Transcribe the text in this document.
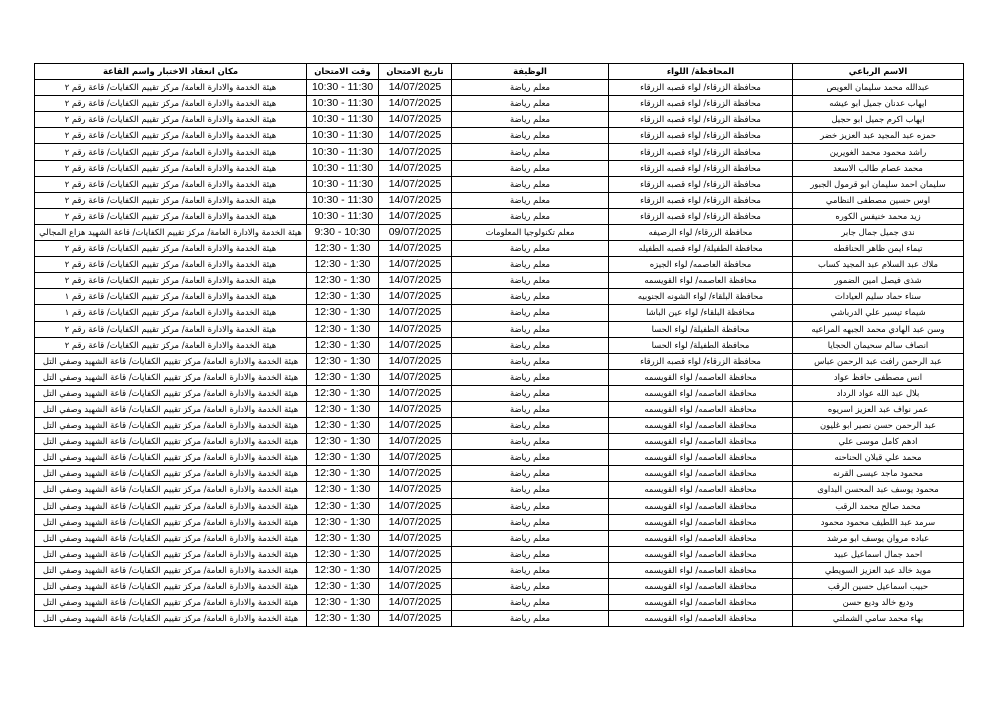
الاسم الرباعي	المحافظة/ اللواء	الوظيفة	تاريخ الامتحان	وقت الامتحان	مكان انعقاد الاختبار واسم القاعة
عبدالله محمد سليمان العويص	محافظة الزرقاء/ لواء قصبه الزرقاء	معلم رياضة	14/07/2025	10:30 - 11:30	هيئة الخدمة والادارة العامة/ مركز تقييم الكفايات/ قاعة رقم ٢
ايهاب عدنان جميل ابو عيشه	محافظة الزرقاء/ لواء قصبه الزرقاء	معلم رياضة	14/07/2025	10:30 - 11:30	هيئة الخدمة والادارة العامة/ مركز تقييم الكفايات/ قاعة رقم ٢
ايهاب اكرم جميل ابو حجيل	محافظة الزرقاء/ لواء قصبه الزرقاء	معلم رياضة	14/07/2025	10:30 - 11:30	هيئة الخدمة والادارة العامة/ مركز تقييم الكفايات/ قاعة رقم ٢
حمزه عبد المجيد عبد العزيز خضر	محافظة الزرقاء/ لواء قصبه الزرقاء	معلم رياضة	14/07/2025	10:30 - 11:30	هيئة الخدمة والادارة العامة/ مركز تقييم الكفايات/ قاعة رقم ٢
راشد محمود محمد الغويرين	محافظة الزرقاء/ لواء قصبه الزرقاء	معلم رياضة	14/07/2025	10:30 - 11:30	هيئة الخدمة والادارة العامة/ مركز تقييم الكفايات/ قاعة رقم ٢
محمد عصام طالب الاسعد	محافظة الزرقاء/ لواء قصبه الزرقاء	معلم رياضة	14/07/2025	10:30 - 11:30	هيئة الخدمة والادارة العامة/ مركز تقييم الكفايات/ قاعة رقم ٢
سليمان احمد سليمان ابو قرمول الجبور	محافظة الزرقاء/ لواء قصبه الزرقاء	معلم رياضة	14/07/2025	10:30 - 11:30	هيئة الخدمة والادارة العامة/ مركز تقييم الكفايات/ قاعة رقم ٢
اوس حسين مصطفى النظامي	محافظة الزرقاء/ لواء قصبه الزرقاء	معلم رياضة	14/07/2025	10:30 - 11:30	هيئة الخدمة والادارة العامة/ مركز تقييم الكفايات/ قاعة رقم ٢
زيد محمد خنيفس الكوره	محافظة الزرقاء/ لواء قصبه الزرقاء	معلم رياضة	14/07/2025	10:30 - 11:30	هيئة الخدمة والادارة العامة/ مركز تقييم الكفايات/ قاعة رقم ٢
ندى جميل جمال جابر	محافظة الزرقاء/ لواء الرصيفه	معلم تكنولوجيا المعلومات	09/07/2025	9:30 - 10:30	هيئة الخدمة والادارة العامة/ مركز تقييم الكفايات/ قاعة الشهيد هزاع المجالي
تيماء ايمن ظاهر الحناقطه	محافظة الطفيلة/ لواء قصبه الطفيله	معلم رياضة	14/07/2025	12:30 - 1:30	هيئة الخدمة والادارة العامة/ مركز تقييم الكفايات/ قاعة رقم ٢
ملاك عبد السلام عبد المجيد كساب	محافظة العاصمه/ لواء الجيزه	معلم رياضة	14/07/2025	12:30 - 1:30	هيئة الخدمة والادارة العامة/ مركز تقييم الكفايات/ قاعة رقم ٢
شذى فيصل امين الضمور	محافظة العاصمه/ لواء القويسمه	معلم رياضة	14/07/2025	12:30 - 1:30	هيئة الخدمة والادارة العامة/ مركز تقييم الكفايات/ قاعة رقم ٢
سناء حماد سليم العيادات	محافظة البلقاء/ لواء الشونه الجنوبيه	معلم رياضة	14/07/2025	12:30 - 1:30	هيئة الخدمة والادارة العامة/ مركز تقييم الكفايات/ قاعة رقم ١
شيماء تيسير علي الدرباشي	محافظة البلقاء/ لواء عين الباشا	معلم رياضة	14/07/2025	12:30 - 1:30	هيئة الخدمة والادارة العامة/ مركز تقييم الكفايات/ قاعة رقم ١
وسن عبد الهادي محمد الجبهه المراعيه	محافظة الطفيلة/ لواء الحسا	معلم رياضة	14/07/2025	12:30 - 1:30	هيئة الخدمة والادارة العامة/ مركز تقييم الكفايات/ قاعة رقم ٢
انصاف سالم سحيمان الحجايا	محافظة الطفيلة/ لواء الحسا	معلم رياضة	14/07/2025	12:30 - 1:30	هيئة الخدمة والادارة العامة/ مركز تقييم الكفايات/ قاعة رقم ٢
عبد الرحمن رافت عبد الرحمن عباس	محافظة الزرقاء/ لواء قصبه الزرقاء	معلم رياضة	14/07/2025	12:30 - 1:30	هيئة الخدمة والادارة العامة/ مركز تقييم الكفايات/ قاعة الشهيد وصفي التل
انس مصطفى حافظ عواد	محافظة العاصمه/ لواء القويسمه	معلم رياضة	14/07/2025	12:30 - 1:30	هيئة الخدمة والادارة العامة/ مركز تقييم الكفايات/ قاعة الشهيد وصفي التل
بلال عبد الله عواد الرداد	محافظة العاصمه/ لواء القويسمه	معلم رياضة	14/07/2025	12:30 - 1:30	هيئة الخدمة والادارة العامة/ مركز تقييم الكفايات/ قاعة الشهيد وصفي التل
عمر نواف عبد العزيز اسريوه	محافظة العاصمه/ لواء القويسمه	معلم رياضة	14/07/2025	12:30 - 1:30	هيئة الخدمة والادارة العامة/ مركز تقييم الكفايات/ قاعة الشهيد وصفي التل
عبد الرحمن حسن نصير ابو غليون	محافظة العاصمه/ لواء القويسمه	معلم رياضة	14/07/2025	12:30 - 1:30	هيئة الخدمة والادارة العامة/ مركز تقييم الكفايات/ قاعة الشهيد وصفي التل
ادهم كامل موسى علي	محافظة العاصمه/ لواء القويسمه	معلم رياضة	14/07/2025	12:30 - 1:30	هيئة الخدمة والادارة العامة/ مركز تقييم الكفايات/ قاعة الشهيد وصفي التل
محمد علي قبلان الحناحنه	محافظة العاصمه/ لواء القويسمه	معلم رياضة	14/07/2025	12:30 - 1:30	هيئة الخدمة والادارة العامة/ مركز تقييم الكفايات/ قاعة الشهيد وصفي التل
محمود ماجد عيسى القرنه	محافظة العاصمه/ لواء القويسمه	معلم رياضة	14/07/2025	12:30 - 1:30	هيئة الخدمة والادارة العامة/ مركز تقييم الكفايات/ قاعة الشهيد وصفي التل
محمود يوسف عبد المحسن البداوى	محافظة العاصمه/ لواء القويسمه	معلم رياضة	14/07/2025	12:30 - 1:30	هيئة الخدمة والادارة العامة/ مركز تقييم الكفايات/ قاعة الشهيد وصفي التل
محمد صالح محمد الرقب	محافظة العاصمه/ لواء القويسمه	معلم رياضة	14/07/2025	12:30 - 1:30	هيئة الخدمة والادارة العامة/ مركز تقييم الكفايات/ قاعة الشهيد وصفي التل
سرمد عبد اللطيف محمود محمود	محافظة العاصمه/ لواء القويسمه	معلم رياضة	14/07/2025	12:30 - 1:30	هيئة الخدمة والادارة العامة/ مركز تقييم الكفايات/ قاعة الشهيد وصفي التل
عباده مروان يوسف ابو مرشد	محافظة العاصمه/ لواء القويسمه	معلم رياضة	14/07/2025	12:30 - 1:30	هيئة الخدمة والادارة العامة/ مركز تقييم الكفايات/ قاعة الشهيد وصفي التل
احمد جمال اسماعيل عبيد	محافظة العاصمه/ لواء القويسمه	معلم رياضة	14/07/2025	12:30 - 1:30	هيئة الخدمة والادارة العامة/ مركز تقييم الكفايات/ قاعة الشهيد وصفي التل
مويد خالد عبد العزيز السويطي	محافظة العاصمه/ لواء القويسمه	معلم رياضة	14/07/2025	12:30 - 1:30	هيئة الخدمة والادارة العامة/ مركز تقييم الكفايات/ قاعة الشهيد وصفي التل
حبيب اسماعيل حسين الرقب	محافظة العاصمه/ لواء القويسمه	معلم رياضة	14/07/2025	12:30 - 1:30	هيئة الخدمة والادارة العامة/ مركز تقييم الكفايات/ قاعة الشهيد وصفي التل
وديع خالد وديع حسن	محافظة العاصمه/ لواء القويسمه	معلم رياضة	14/07/2025	12:30 - 1:30	هيئة الخدمة والادارة العامة/ مركز تقييم الكفايات/ قاعة الشهيد وصفي التل
بهاء محمد سامي الشملتي	محافظة العاصمه/ لواء القويسمه	معلم رياضة	14/07/2025	12:30 - 1:30	هيئة الخدمة والادارة العامة/ مركز تقييم الكفايات/ قاعة الشهيد وصفي التل
